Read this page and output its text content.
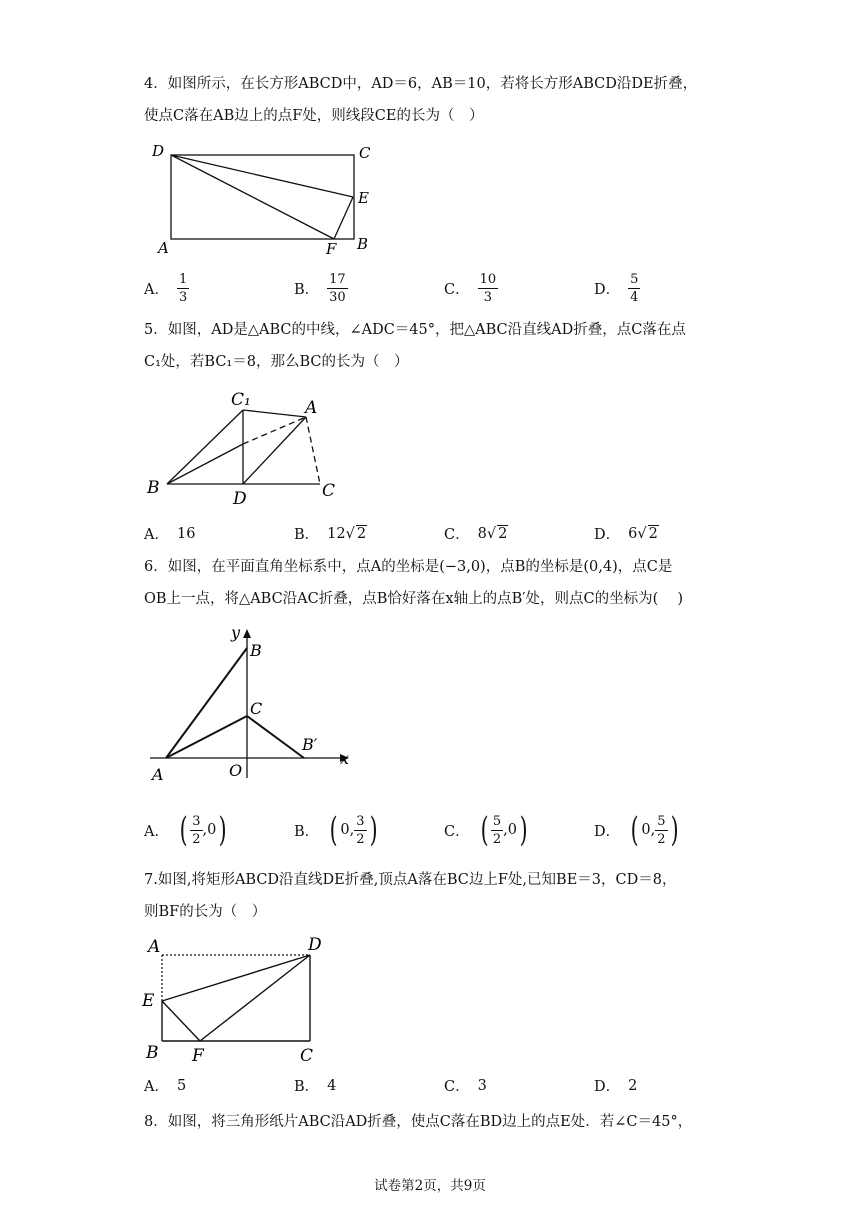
4．如图所示，在长方形ABCD中，AD＝6，AB＝10，若将长方形ABCD沿DE折叠，
使点C落在AB边上的点F处，则线段CE的长为（　）
D	C
E
A	F B
A． $\frac{1}{3}$	B． $\frac{17}{30}$	C． $\frac{10}{3}$	D． $\frac{5}{4}$
5．如图，AD是△ABC的中线，∠ADC＝45°，把△ABC沿直线AD折叠，点C落在点
C₁处，若BC₁＝8，那么BC的长为（　）
C₁	A
B
D	C
A． 16	B． 12 √ 2	C． 8 √ 2	D． 6 √ 2
6．如图，在平面直角坐标系中，点A的坐标是(−3,0)，点B的坐标是(0,4)，点C是
OB上一点，将△ABC沿AC折叠，点B恰好落在x轴上的点B′处，则点C的坐标为(　 )
y
B
C
B′
x
A	O
A． ( $\frac{3}{2}$ , 0 )	B． ( 0 , $\frac{3}{2}$ )	C． ( $\frac{5}{2}$ , 0 )	D． ( 0 , $\frac{5}{2}$ )
7.如图,将矩形ABCD沿直线DE折叠,顶点A落在BC边上F处,已知BE＝3，CD＝8，
则BF的长为（　）
A	D
E
B F	C
A． 5	B． 4	C． 3	D． 2
8．如图，将三角形纸片ABC沿AD折叠，使点C落在BD边上的点E处．若∠C＝45°，
试卷第2页，共9页
